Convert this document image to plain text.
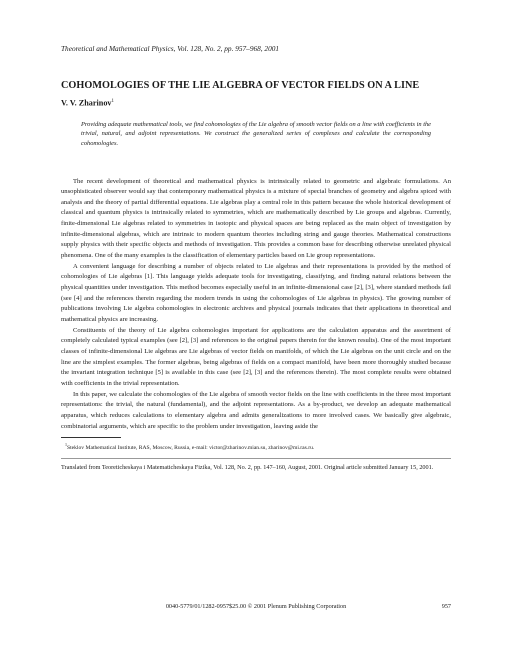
Theoretical and Mathematical Physics, Vol. 128, No. 2, pp. 957–968, 2001

COHOMOLOGIES OF THE LIE ALGEBRA OF VECTOR FIELDS ON A LINE

V. V. Zharinov$^1$

Providing adequate mathematical tools, we find cohomologies of the Lie algebra of smooth vector fields on a line with coefficients in the trivial, natural, and adjoint representations. We construct the generalized series of complexes and calculate the corresponding cohomologies.

The recent development of theoretical and mathematical physics is intrinsically related to geometric and algebraic formulations. An unsophisticated observer would say that contemporary mathematical physics is a mixture of special branches of geometry and algebra spiced with analysis and the theory of partial differential equations. Lie algebras play a central role in this pattern because the whole historical development of classical and quantum physics is intrinsically related to symmetries, which are mathematically described by Lie groups and algebras. Currently, finite-dimensional Lie algebras related to symmetries in isotopic and physical spaces are being replaced as the main object of investigation by infinite-dimensional algebras, which are intrinsic to modern quantum theories including string and gauge theories. Mathematical constructions supply physics with their specific objects and methods of investigation. This provides a common base for describing otherwise unrelated physical phenomena. One of the many examples is the classification of elementary particles based on Lie group representations.

A convenient language for describing a number of objects related to Lie algebras and their representations is provided by the method of cohomologies of Lie algebras [1]. This language yields adequate tools for investigating, classifying, and finding natural relations between the physical quantities under investigation. This method becomes especially useful in an infinite-dimensional case [2], [3], where standard methods fail (see [4] and the references therein regarding the modern trends in using the cohomologies of Lie algebras in physics). The growing number of publications involving Lie algebra cohomologies in electronic archives and physical journals indicates that their applications in theoretical and mathematical physics are increasing.

Constituents of the theory of Lie algebra cohomologies important for applications are the calculation apparatus and the assortment of completely calculated typical examples (see [2], [3] and references to the original papers therein for the known results). One of the most important classes of infinite-dimensional Lie algebras are Lie algebras of vector fields on manifolds, of which the Lie algebras on the unit circle and on the line are the simplest examples. The former algebras, being algebras of fields on a compact manifold, have been more thoroughly studied because the invariant integration technique [5] is available in this case (see [2], [3] and the references therein). The most complete results were obtained with coefficients in the trivial representation.

In this paper, we calculate the cohomologies of the Lie algebra of smooth vector fields on the line with coefficients in the three most important representations: the trivial, the natural (fundamental), and the adjoint representations. As a by-product, we develop an adequate mathematical apparatus, which reduces calculations to elementary algebra and admits generalizations to more involved cases. We basically give algebraic, combinatorial arguments, which are specific to the problem under investigation, leaving aside the

$^1$Steklov Mathematical Institute, RAS, Moscow, Russia, e-mail: victor@zharinov.mian.su, zharinov@mi.ras.ru.

Translated from Teoreticheskaya i Matematicheskaya Fizika, Vol. 128, No. 2, pp. 147–160, August, 2001. Original article submitted January 15, 2001.

0040-5779/01/1282-0957$25.00 © 2001 Plenum Publishing Corporation	957
